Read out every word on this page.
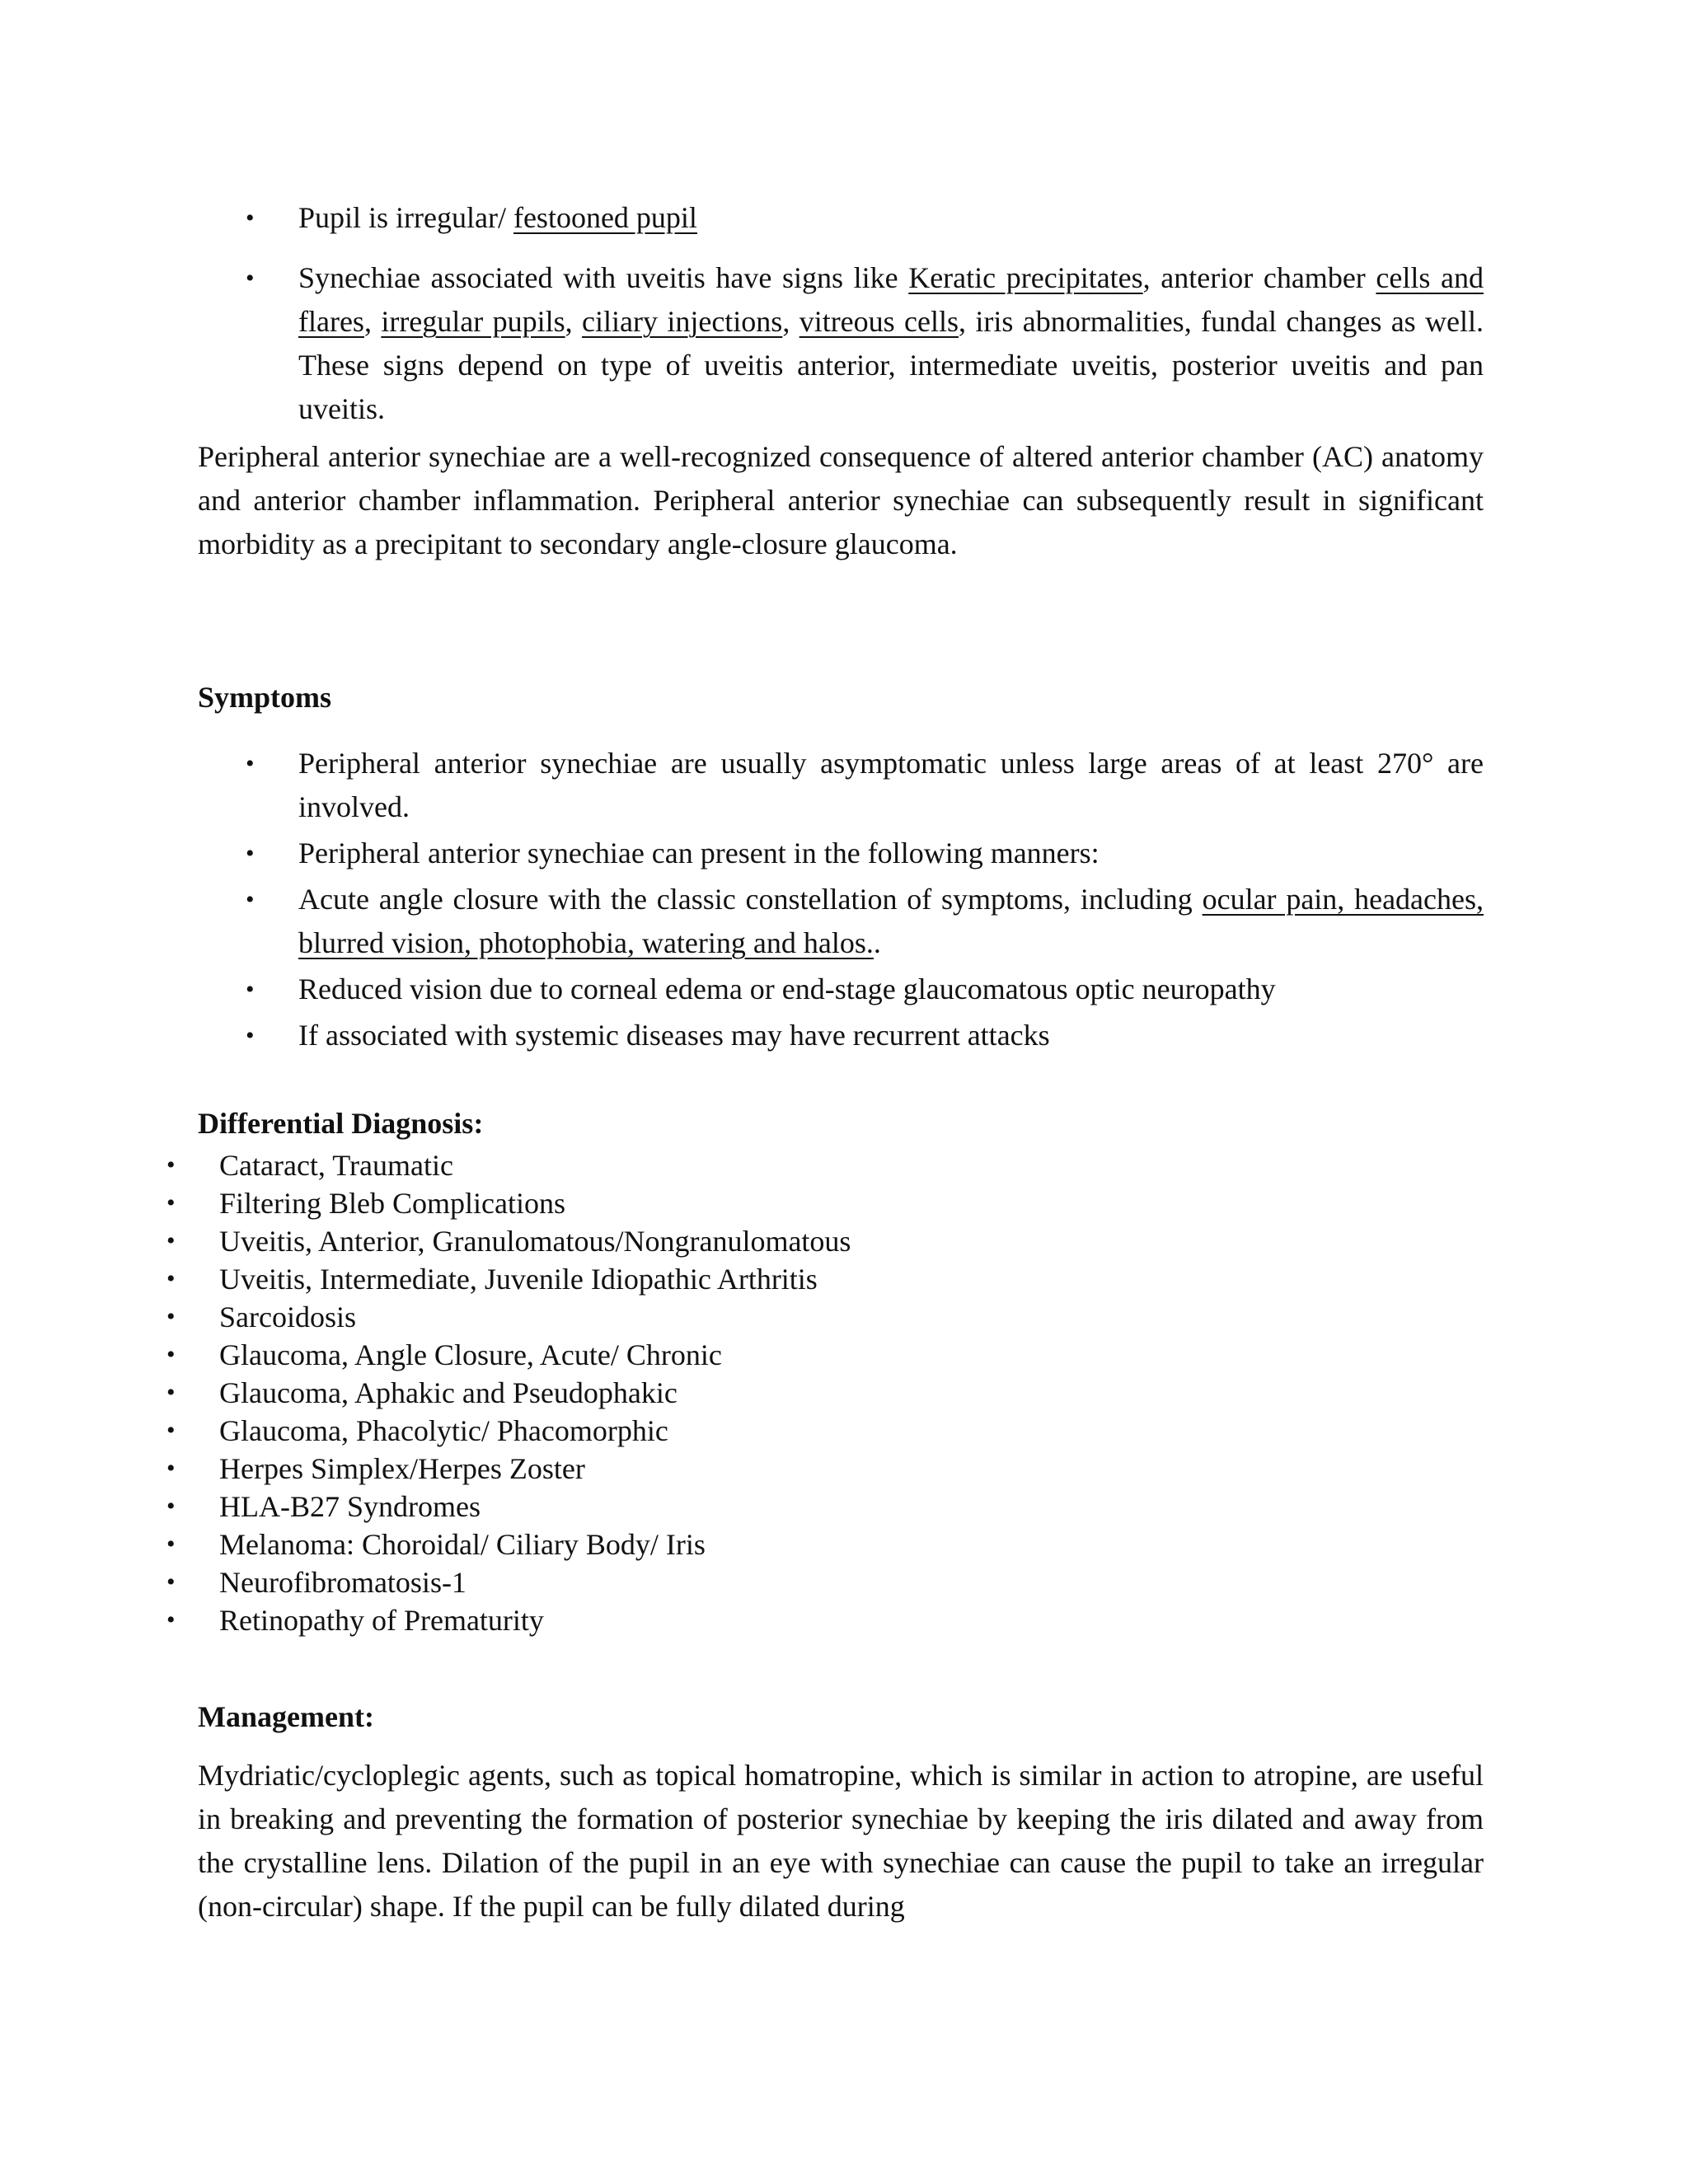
• Pupil is irregular/ festooned pupil
• Synechiae associated with uveitis have signs like Keratic precipitates, anterior chamber cells and flares, irregular pupils, ciliary injections, vitreous cells, iris abnormalities, fundal changes as well. These signs depend on type of uveitis anterior, intermediate uveitis, posterior uveitis and pan uveitis.

Peripheral anterior synechiae are a well-recognized consequence of altered anterior chamber (AC) anatomy and anterior chamber inflammation. Peripheral anterior synechiae can subsequently result in significant morbidity as a precipitant to secondary angle-closure glaucoma.

Symptoms
• Peripheral anterior synechiae are usually asymptomatic unless large areas of at least 270° are involved.
• Peripheral anterior synechiae can present in the following manners:
• Acute angle closure with the classic constellation of symptoms, including ocular pain, headaches, blurred vision, photophobia, watering and halos..
• Reduced vision due to corneal edema or end-stage glaucomatous optic neuropathy
• If associated with systemic diseases may have recurrent attacks
Differential Diagnosis:
• Cataract, Traumatic
• Filtering Bleb Complications
• Uveitis, Anterior, Granulomatous/Nongranulomatous
• Uveitis, Intermediate, Juvenile Idiopathic Arthritis
• Sarcoidosis
• Glaucoma, Angle Closure, Acute/ Chronic
• Glaucoma, Aphakic and Pseudophakic
• Glaucoma, Phacolytic/ Phacomorphic
• Herpes Simplex/Herpes Zoster
• HLA-B27 Syndromes
• Melanoma: Choroidal/ Ciliary Body/ Iris
• Neurofibromatosis-1
• Retinopathy of Prematurity
Management:

Mydriatic/cycloplegic agents, such as topical homatropine, which is similar in action to atropine, are useful in breaking and preventing the formation of posterior synechiae by keeping the iris dilated and away from the crystalline lens. Dilation of the pupil in an eye with synechiae can cause the pupil to take an irregular (non-circular) shape. If the pupil can be fully dilated during
